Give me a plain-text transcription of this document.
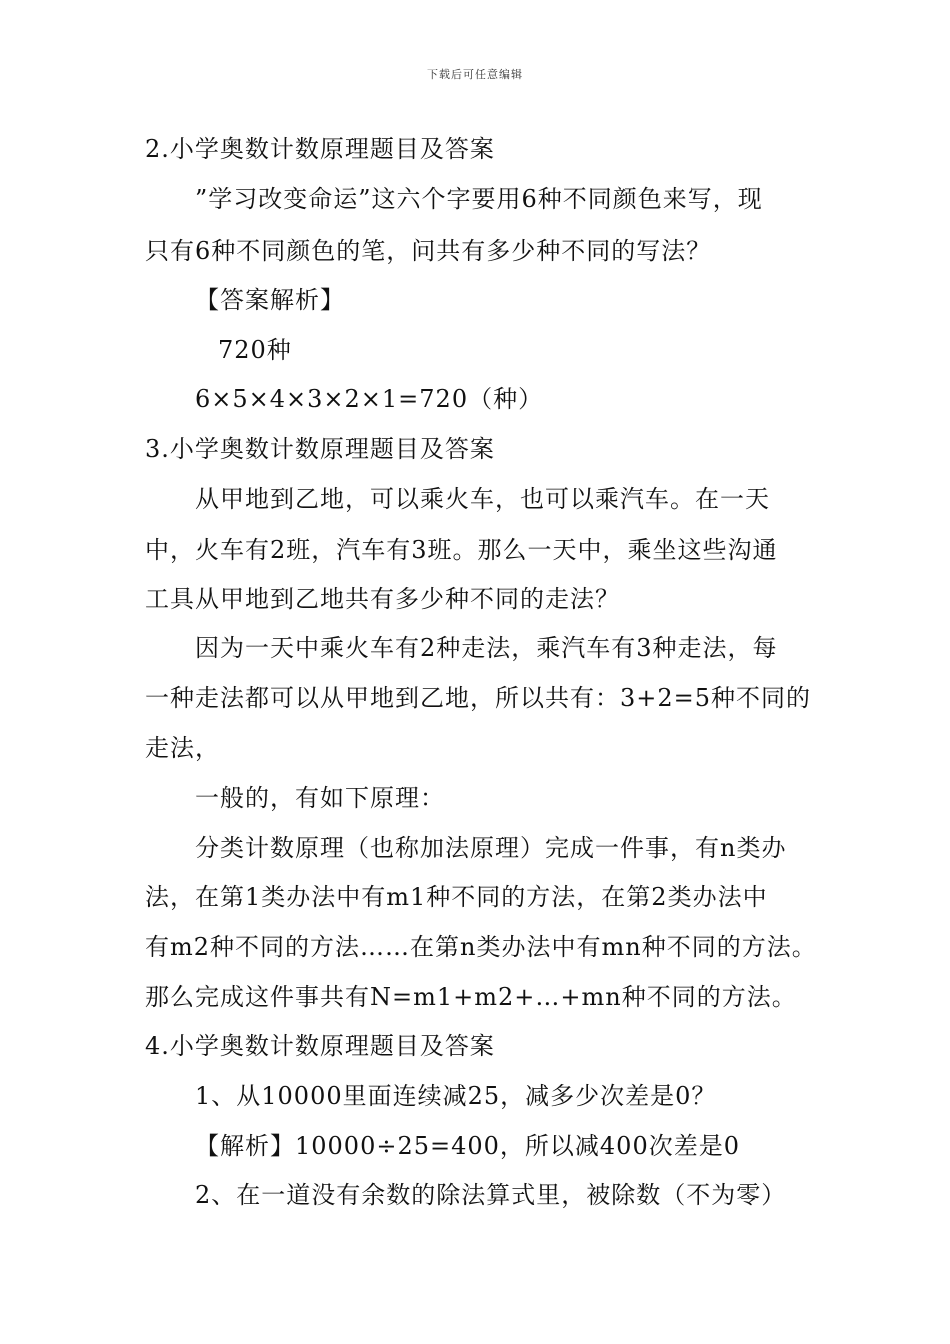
下载后可任意编辑
2.小学奥数计数原理题目及答案
”学习改变命运”这六个字要用6种不同颜色来写，现
只有6种不同颜色的笔，问共有多少种不同的写法？
【答案解析】
720种
6×5×4×3×2×1=720（种）
3.小学奥数计数原理题目及答案
从甲地到乙地，可以乘火车，也可以乘汽车。在一天
中，火车有2班，汽车有3班。那么一天中，乘坐这些沟通
工具从甲地到乙地共有多少种不同的走法？
因为一天中乘火车有2种走法，乘汽车有3种走法，每
一种走法都可以从甲地到乙地，所以共有：3+2=5种不同的
走法，
一般的，有如下原理：
分类计数原理（也称加法原理）完成一件事，有n类办
法，在第1类办法中有m1种不同的方法，在第2类办法中
有m2种不同的方法……在第n类办法中有mn种不同的方法。
那么完成这件事共有N=m1+m2+…+mn种不同的方法。
4.小学奥数计数原理题目及答案
1、从10000里面连续减25，减多少次差是0？
【解析】10000÷25=400，所以减400次差是0
2、在一道没有余数的除法算式里，被除数（不为零）
